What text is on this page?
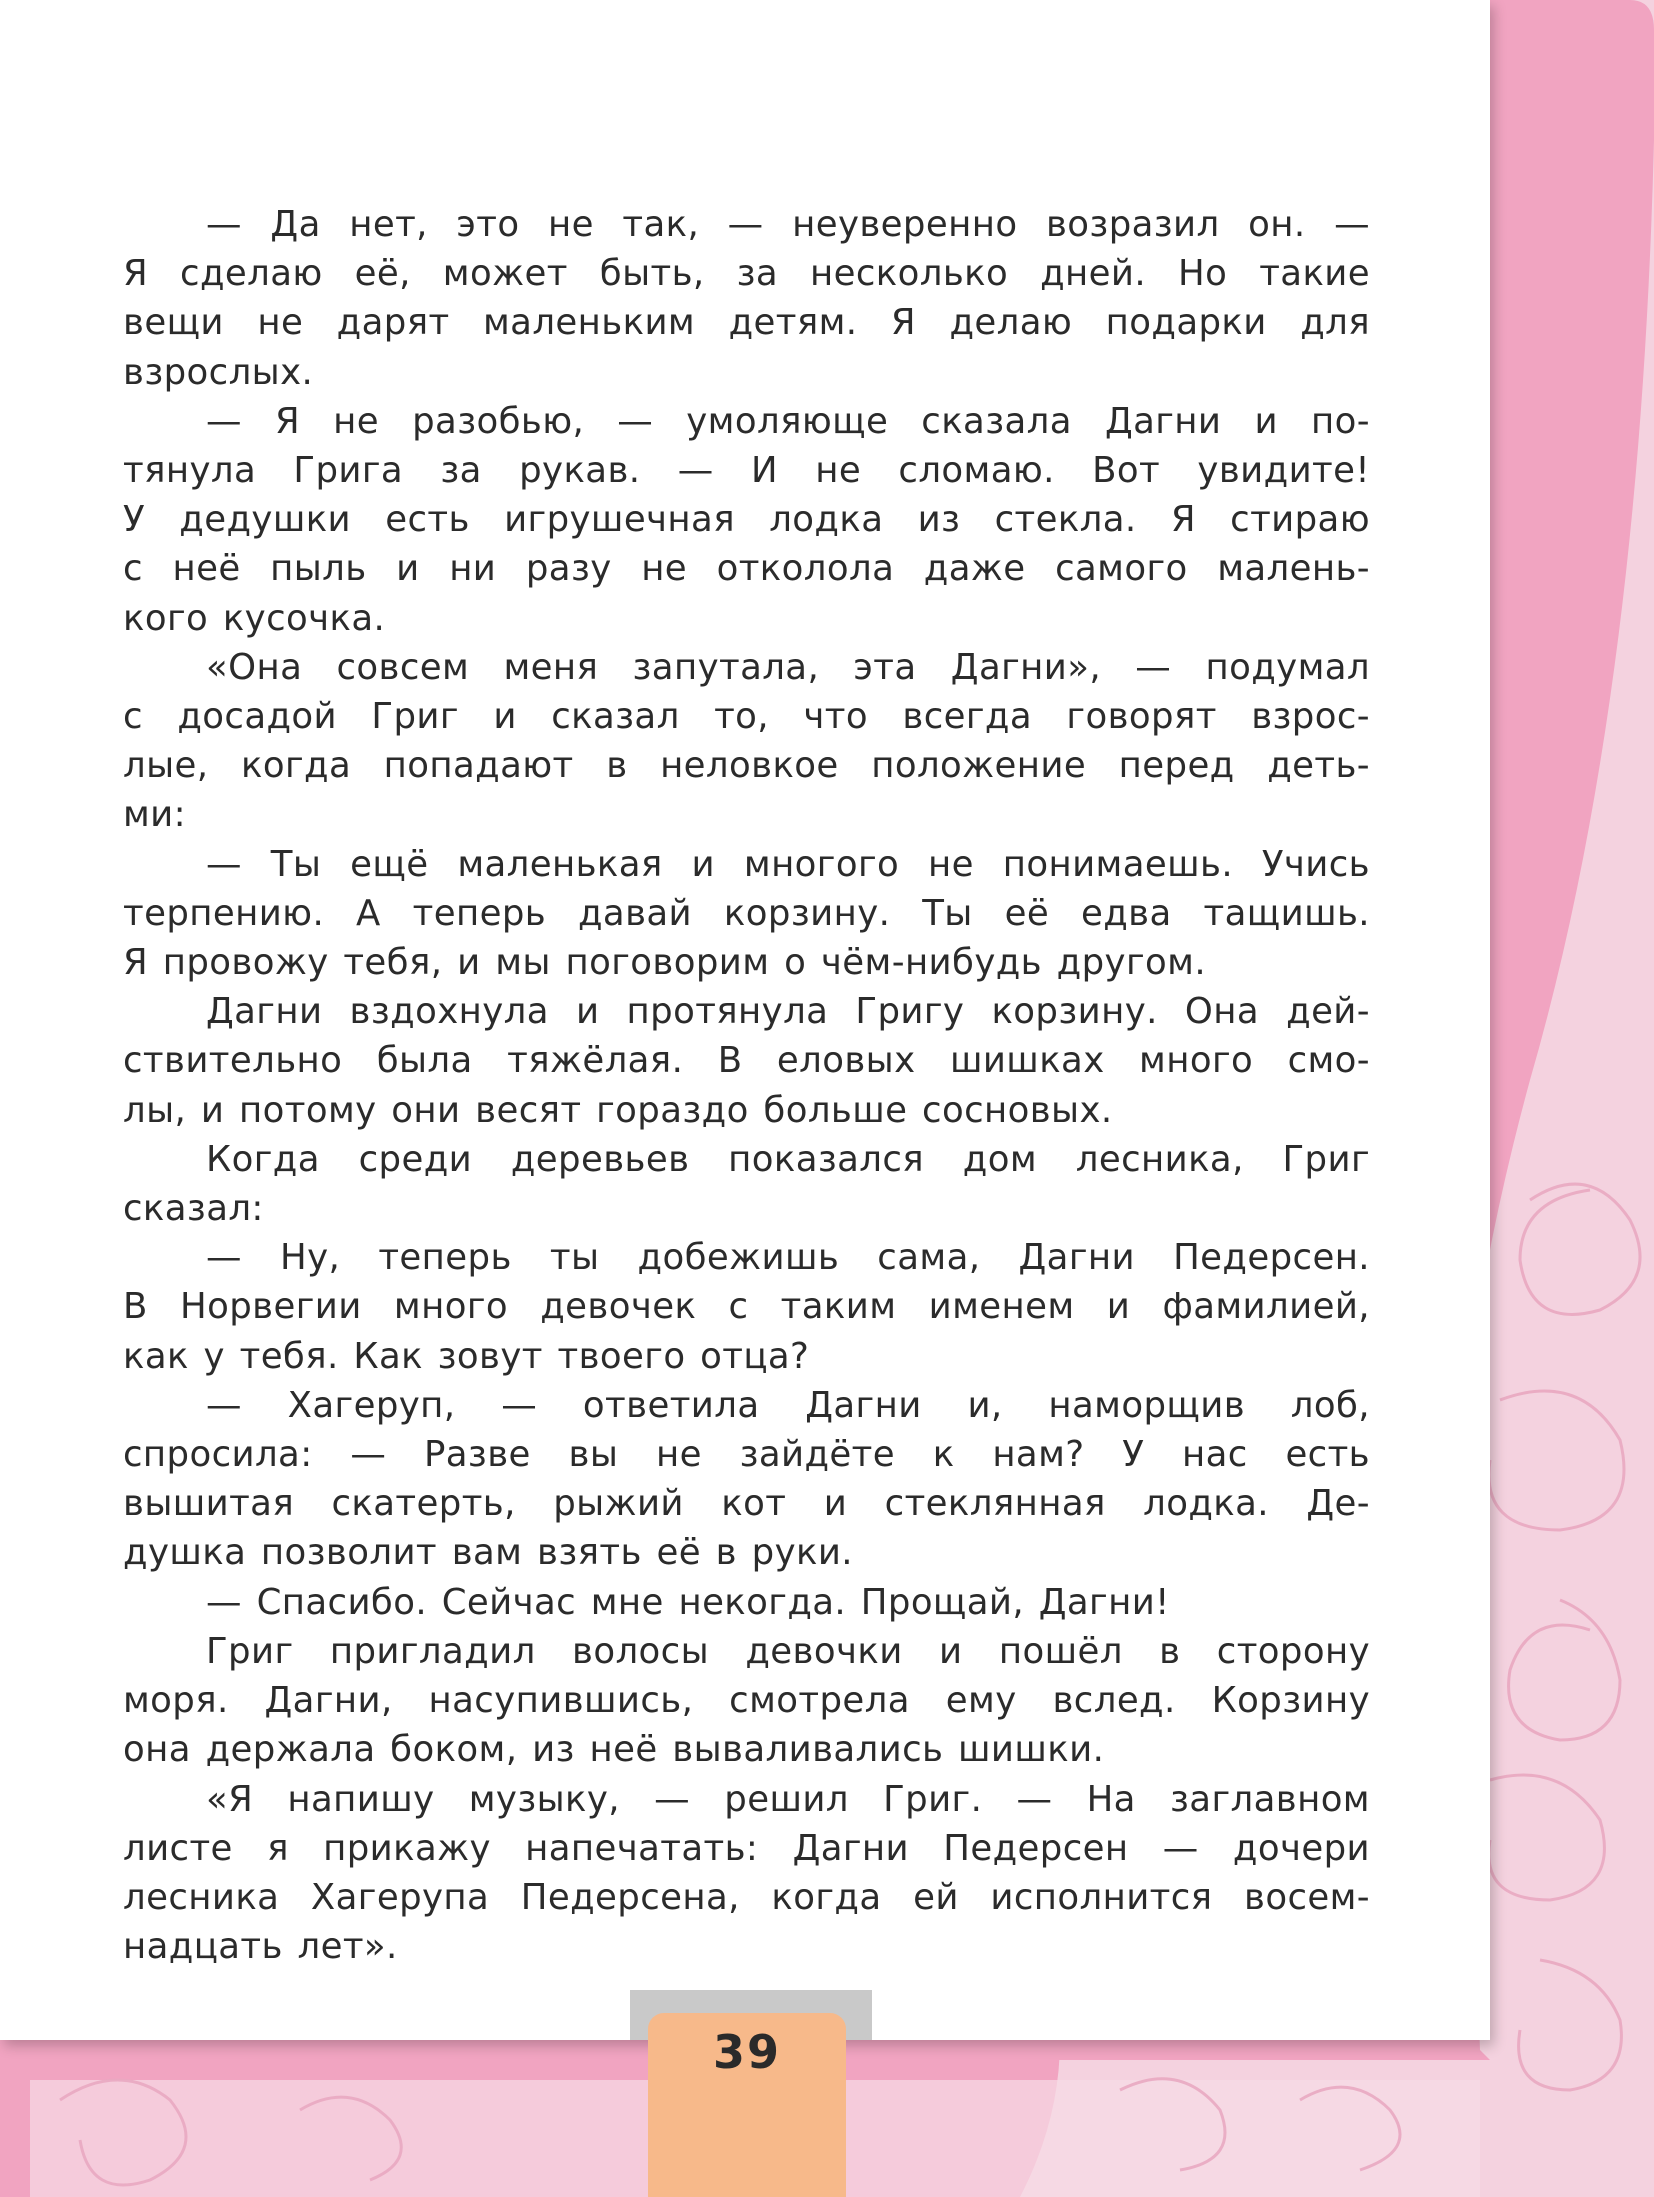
— Да нет, это не так, — неуверенно возразил он. —
Я сделаю её, может быть, за несколько дней. Но такие
вещи не дарят маленьким детям. Я делаю подарки для
взрослых.

— Я не разобью, — умоляюще сказала Дагни и по-
тянула Грига за рукав. — И не сломаю. Вот увидите!
У дедушки есть игрушечная лодка из стекла. Я стираю
с неё пыль и ни разу не отколола даже самого малень-
кого кусочка.

«Она совсем меня запутала, эта Дагни», — подумал
с досадой Григ и сказал то, что всегда говорят взрос-
лые, когда попадают в неловкое положение перед деть-
ми:

— Ты ещё маленькая и многого не понимаешь. Учись
терпению. А теперь давай корзину. Ты её едва тащишь.
Я провожу тебя, и мы поговорим о чём-нибудь другом.

Дагни вздохнула и протянула Григу корзину. Она дей-
ствительно была тяжёлая. В еловых шишках много смо-
лы, и потому они весят гораздо больше сосновых.

Когда среди деревьев показался дом лесника, Григ
сказал:

— Ну, теперь ты добежишь сама, Дагни Педерсен.
В Норвегии много девочек с таким именем и фамилией,
как у тебя. Как зовут твоего отца?

— Хагеруп, — ответила Дагни и, наморщив лоб,
спросила: — Разве вы не зайдёте к нам? У нас есть
вышитая скатерть, рыжий кот и стеклянная лодка. Де-
душка позволит вам взять её в руки.

— Спасибо. Сейчас мне некогда. Прощай, Дагни!

Григ пригладил волосы девочки и пошёл в сторону
моря. Дагни, насупившись, смотрела ему вслед. Корзину
она держала боком, из неё вываливались шишки.

«Я напишу музыку, — решил Григ. — На заглавном
листе я прикажу напечатать: Дагни Педерсен — дочери
лесника Хагерупа Педерсена, когда ей исполнится восем-
надцать лет».

39
